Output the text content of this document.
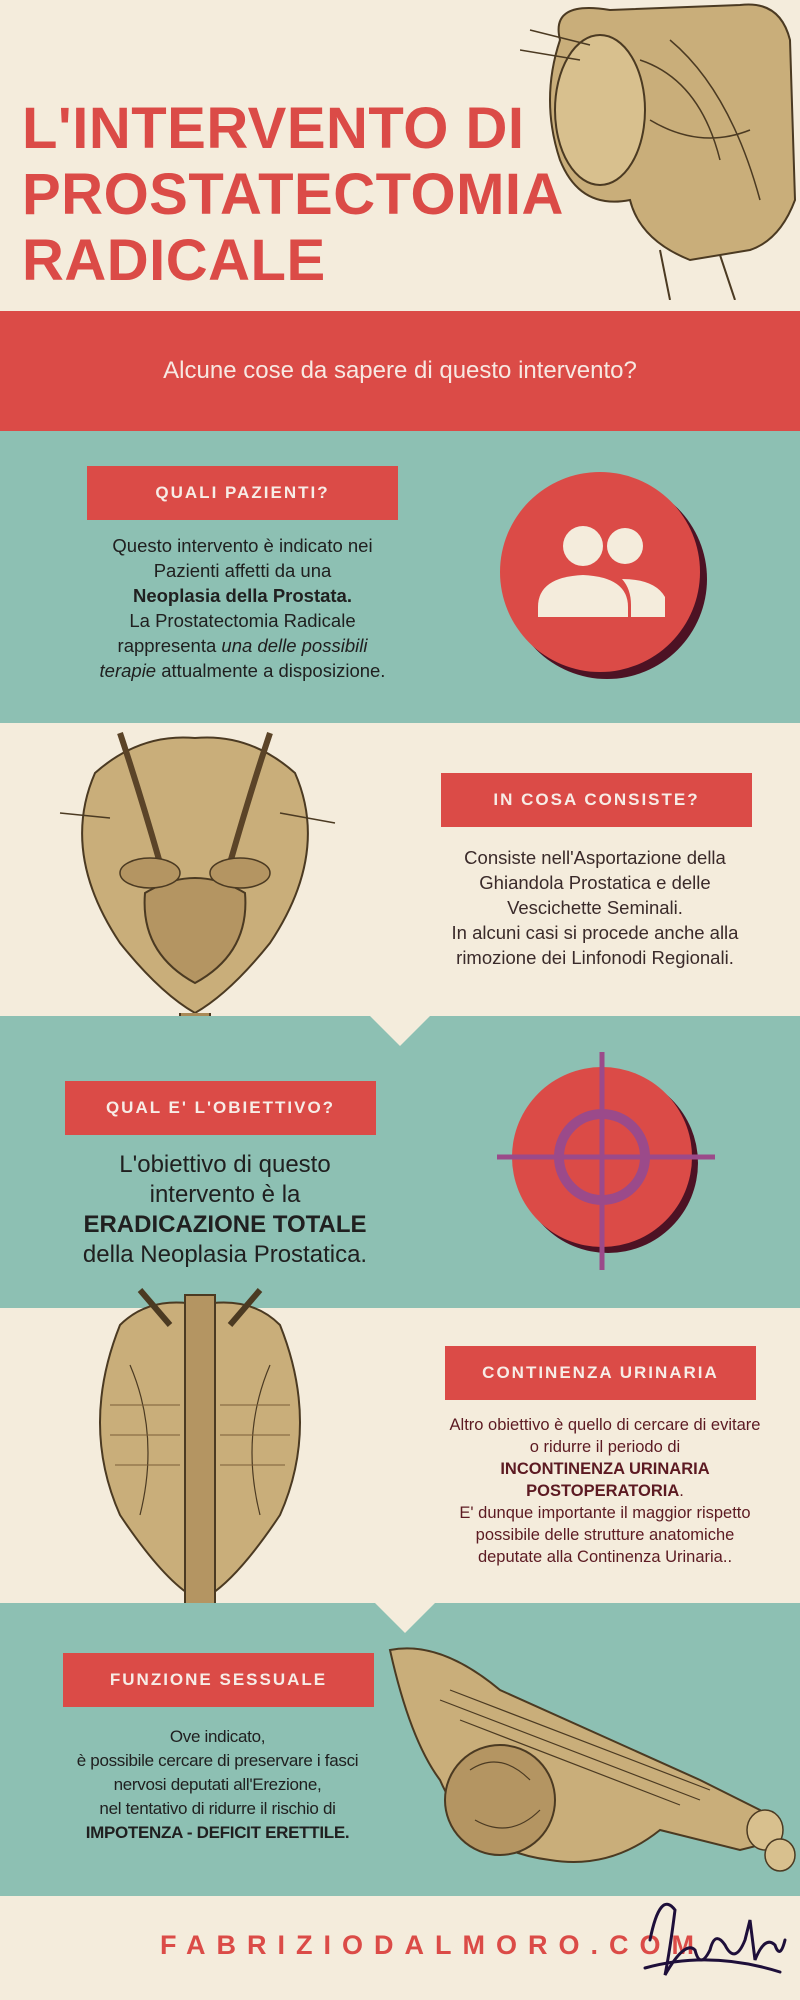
L'INTERVENTO DI
PROSTATECTOMIA
RADICALE
Alcune cose da sapere di questo intervento?
QUALI PAZIENTI?
Questo intervento è indicato nei
Pazienti affetti da una
Neoplasia della Prostata.
La Prostatectomia Radicale
rappresenta una delle possibili
terapie attualmente a disposizione.
IN COSA CONSISTE?
Consiste nell'Asportazione della
Ghiandola Prostatica e delle
Vescichette Seminali.
In alcuni casi si procede anche alla
rimozione dei Linfonodi Regionali.
QUAL E' L'OBIETTIVO?
L'obiettivo di questo
intervento è la
ERADICAZIONE TOTALE
della Neoplasia Prostatica.
CONTINENZA URINARIA
Altro obiettivo è quello di cercare di evitare
o ridurre il periodo di
INCONTINENZA URINARIA
POSTOPERATORIA.
E' dunque importante il maggior rispetto
possibile delle strutture anatomiche
deputate alla Continenza Urinaria..
FUNZIONE SESSUALE
Ove indicato,
è possibile cercare di preservare i fasci
nervosi deputati all'Erezione,
nel tentativo di ridurre il rischio di
IMPOTENZA - DEFICIT ERETTILE.
FABRIZIODALMORO.COM
